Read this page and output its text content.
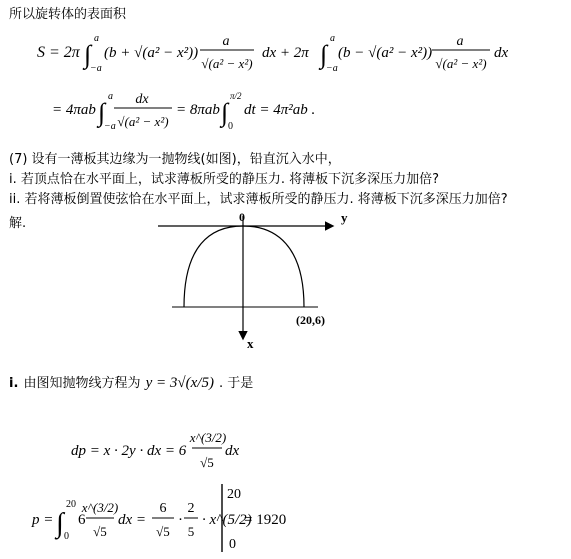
所以旋转体的表面积
S = 2π ∫
a
−a
(b + √(a² − x²))
a
√(a² − x²)
dx + 2π ∫
a
−a
(b − √(a² − x²))
a
√(a² − x²)
dx
= 4πab ∫
a
−a
dx
√(a² − x²)
= 8πab ∫
π/2
0
dt = 4π²ab .
(7) 设有一薄板其边缘为一抛物线(如图)，铅直沉入水中，
i. 若顶点恰在水平面上，试求薄板所受的静压力. 将薄板下沉多深压力加倍?
ii. 若将薄板倒置使弦恰在水平面上，试求薄板所受的静压力. 将薄板下沉多深压力加倍?
解.	0	y
x
(20,6)
i. 由图知抛物线方程为 y = 3√(x/5) . 于是
dp = x · 2y · dx = 6
x^(3/2)
√5
dx
p = ∫
20
0
6
x^(3/2)
√5
dx =
6
√5
·
2
5
· x^(5/2)
20
0
= 1920
